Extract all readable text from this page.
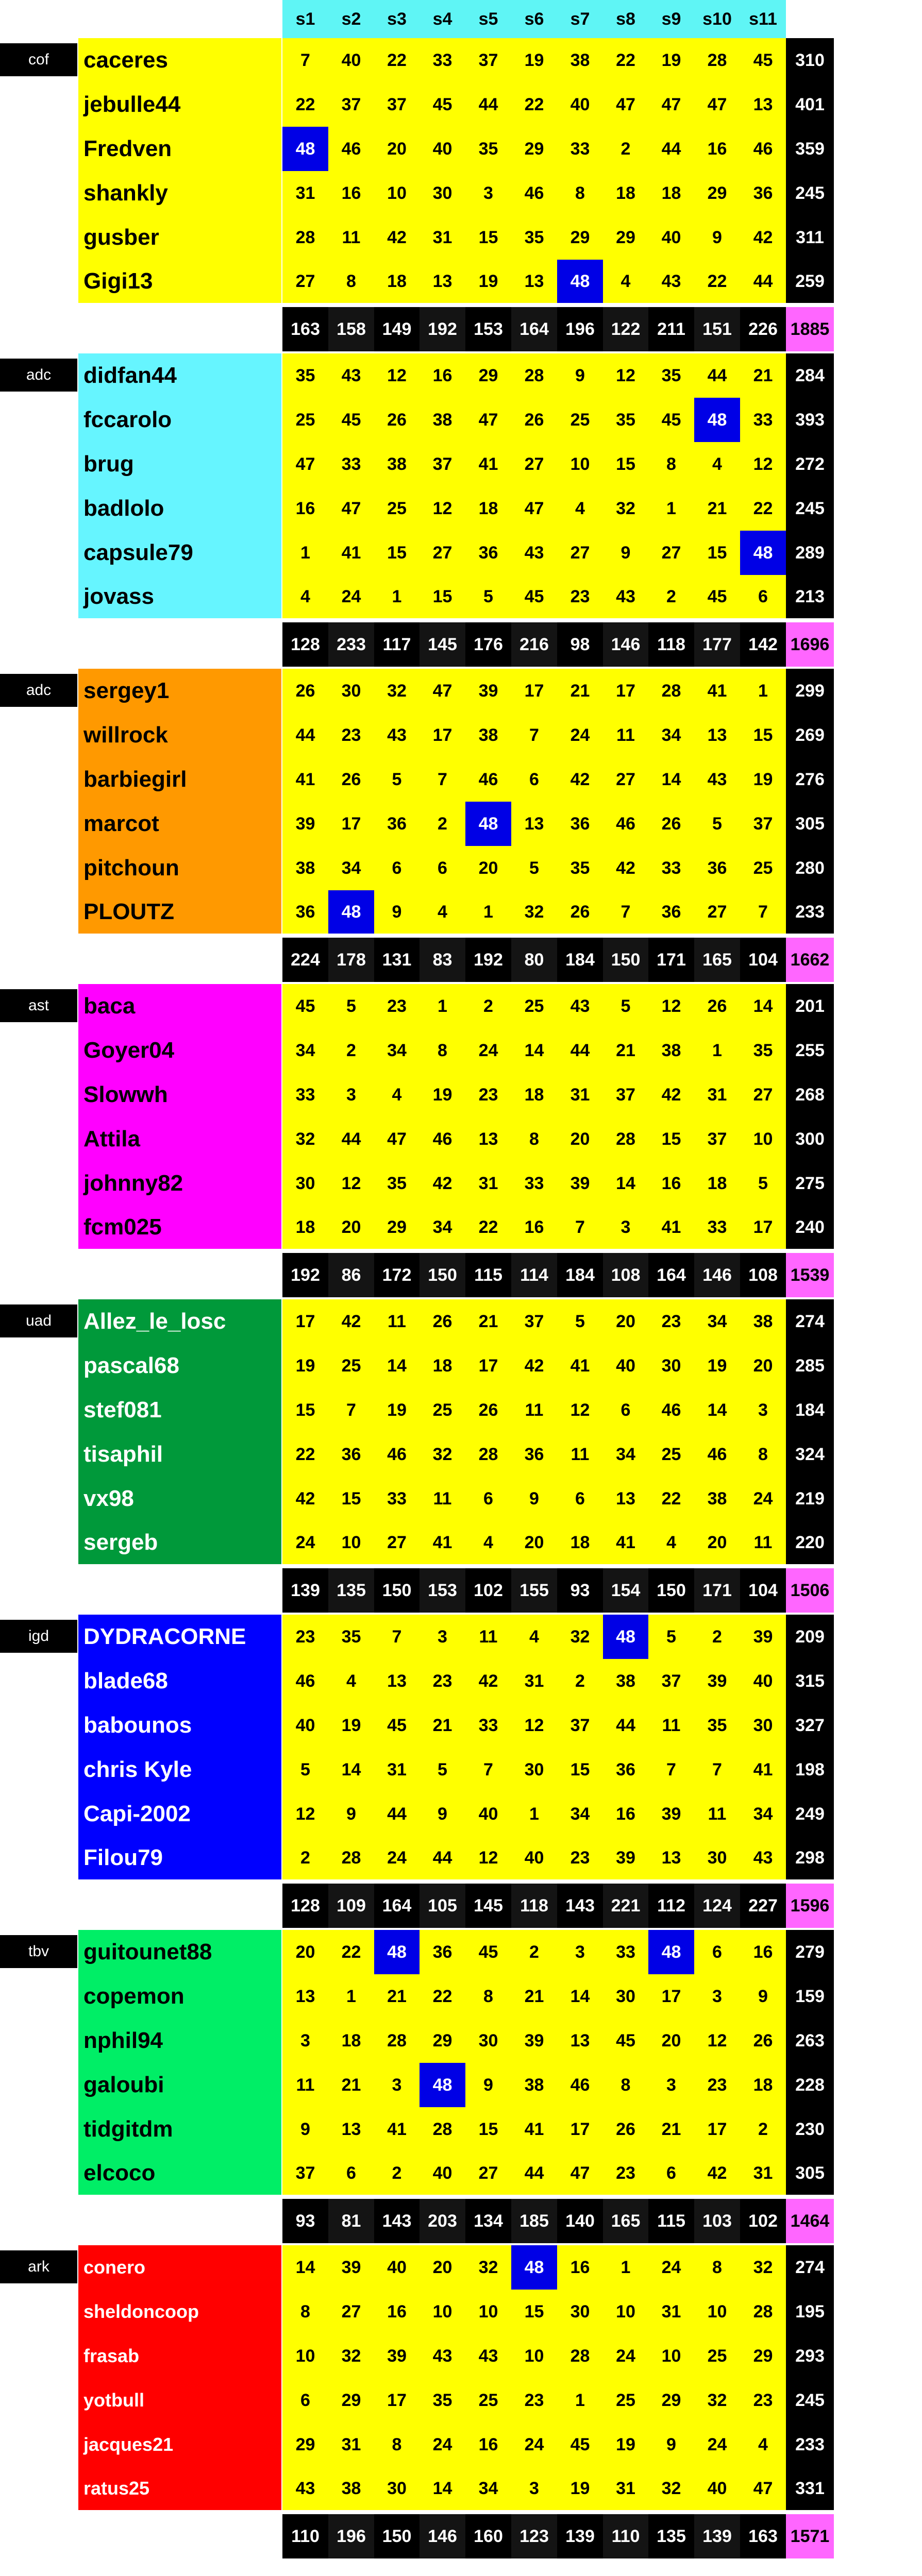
s1	s2	s3	s4	s5	s6	s7	s8	s9	s10 s11
cof	caceres	7	40	22	33	37	19	38	22	19	28	45	310
jebulle44	22	37	37	45	44	22	40	47	47	47	13	401
Fredven	48	46	20	40	35	29	33	2	44	16	46	359
shankly	31	16	10	30	3	46	8	18	18	29	36	245
gusber	28	11	42	31	15	35	29	29	40	9	42	311
Gigi13	27	8	18	13	19	13	48	4	43	22	44	259
163 158 149 192 153 164 196 122 211 151 226 1885
adc	didfan44	35	43	12	16	29	28	9	12	35	44	21	284
fccarolo	25	45	26	38	47	26	25	35	45	48	33	393
brug	47	33	38	37	41	27	10	15	8	4	12	272
badlolo	16	47	25	12	18	47	4	32	1	21	22	245
capsule79	1	41	15	27	36	43	27	9	27	15	48	289
jovass	4	24	1	15	5	45	23	43	2	45	6	213
128 233 117 145 176 216	98	146 118 177 142 1696
adc	sergey1	26	30	32	47	39	17	21	17	28	41	1	299
willrock	44	23	43	17	38	7	24	11	34	13	15	269
barbiegirl	41	26	5	7	46	6	42	27	14	43	19	276
marcot	39	17	36	2	48	13	36	46	26	5	37	305
pitchoun	38	34	6	6	20	5	35	42	33	36	25	280
PLOUTZ	36	48	9	4	1	32	26	7	36	27	7	233
224 178 131	83	192	80	184 150 171 165 104 1662
ast	baca	45	5	23	1	2	25	43	5	12	26	14	201
Goyer04	34	2	34	8	24	14	44	21	38	1	35	255
Slowwh	33	3	4	19	23	18	31	37	42	31	27	268
Attila	32	44	47	46	13	8	20	28	15	37	10	300
johnny82	30	12	35	42	31	33	39	14	16	18	5	275
fcm025	18	20	29	34	22	16	7	3	41	33	17	240
192	86	172 150 115	114 184 108 164 146 108 1539
uad	Allez_le_losc	17	42	11	26	21	37	5	20	23	34	38	274
pascal68	19	25	14	18	17	42	41	40	30	19	20	285
stef081	15	7	19	25	26	11	12	6	46	14	3	184
tisaphil	22	36	46	32	28	36	11	34	25	46	8	324
vx98	42	15	33	11	6	9	6	13	22	38	24	219
sergeb	24	10	27	41	4	20	18	41	4	20	11	220
139 135 150 153 102 155	93	154 150 171 104 1506
igd	DYDRACORNE	23	35	7	3	11	4	32	48	5	2	39	209
blade68	46	4	13	23	42	31	2	38	37	39	40	315
babounos	40	19	45	21	33	12	37	44	11	35	30	327
chris Kyle	5	14	31	5	7	30	15	36	7	7	41	198
Capi-2002	12	9	44	9	40	1	34	16	39	11	34	249
Filou79	2	28	24	44	12	40	23	39	13	30	43	298
128 109 164 105 145 118 143 221 112 124 227 1596
tbv	guitounet88	20	22	48	36	45	2	3	33	48	6	16	279
copemon	13	1	21	22	8	21	14	30	17	3	9	159
nphil94	3	18	28	29	30	39	13	45	20	12	26	263
galoubi	11	21	3	48	9	38	46	8	3	23	18	228
tidgitdm	9	13	41	28	15	41	17	26	21	17	2	230
elcoco	37	6	2	40	27	44	47	23	6	42	31	305
93	81	143 203 134 185 140 165 115 103 102 1464
ark	conero	14	39	40	20	32	48	16	1	24	8	32	274
sheldoncoop	8	27	16	10	10	15	30	10	31	10	28	195
frasab	10	32	39	43	43	10	28	24	10	25	29	293
yotbull	6	29	17	35	25	23	1	25	29	32	23	245
jacques21	29	31	8	24	16	24	45	19	9	24	4	233
ratus25	43	38	30	14	34	3	19	31	32	40	47	331
110 196 150 146 160 123 139 110 135 139 163 1571
